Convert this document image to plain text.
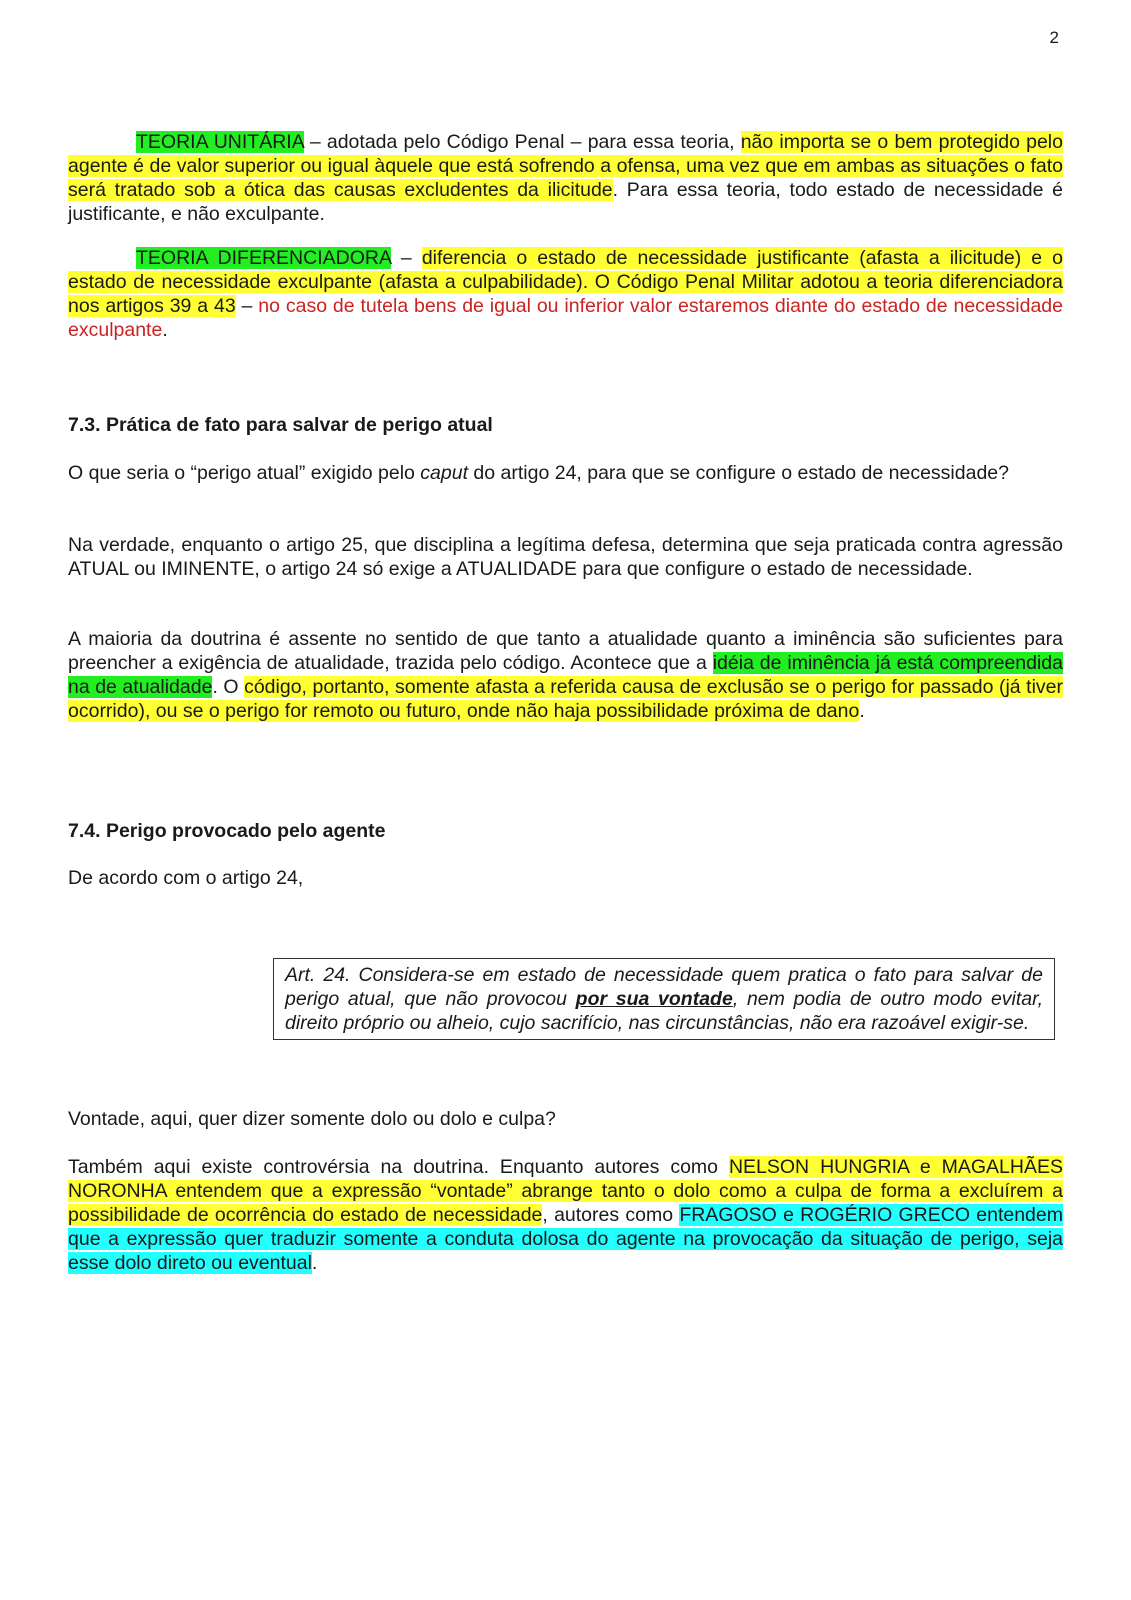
2

TEORIA UNITÁRIA – adotada pelo Código Penal – para essa teoria, não importa se o bem protegido pelo agente é de valor superior ou igual àquele que está sofrendo a ofensa, uma vez que em ambas as situações o fato será tratado sob a ótica das causas excludentes da ilicitude. Para essa teoria, todo estado de necessidade é justificante, e não exculpante.

TEORIA DIFERENCIADORA – diferencia o estado de necessidade justificante (afasta a ilicitude) e o estado de necessidade exculpante (afasta a culpabilidade). O Código Penal Militar adotou a teoria diferenciadora nos artigos 39 a 43 – no caso de tutela bens de igual ou inferior valor estaremos diante do estado de necessidade exculpante.

7.3. Prática de fato para salvar de perigo atual

O que seria o “perigo atual” exigido pelo caput do artigo 24, para que se configure o estado de necessidade?

Na verdade, enquanto o artigo 25, que disciplina a legítima defesa, determina que seja praticada contra agressão ATUAL ou IMINENTE, o artigo 24 só exige a ATUALIDADE para que configure o estado de necessidade.

A maioria da doutrina é assente no sentido de que tanto a atualidade quanto a iminência são suficientes para preencher a exigência de atualidade, trazida pelo código. Acontece que a idéia de iminência já está compreendida na de atualidade. O código, portanto, somente afasta a referida causa de exclusão se o perigo for passado (já tiver ocorrido), ou se o perigo for remoto ou futuro, onde não haja possibilidade próxima de dano.

7.4. Perigo provocado pelo agente

De acordo com o artigo 24,

Art. 24. Considera-se em estado de necessidade quem pratica o fato para salvar de perigo atual, que não provocou por sua vontade, nem podia de outro modo evitar, direito próprio ou alheio, cujo sacrifício, nas circunstâncias, não era razoável exigir-se.

Vontade, aqui, quer dizer somente dolo ou dolo e culpa?

Também aqui existe controvérsia na doutrina. Enquanto autores como NELSON HUNGRIA e MAGALHÃES NORONHA entendem que a expressão “vontade” abrange tanto o dolo como a culpa de forma a excluírem a possibilidade de ocorrência do estado de necessidade, autores como FRAGOSO e ROGÉRIO GRECO entendem que a expressão quer traduzir somente a conduta dolosa do agente na provocação da situação de perigo, seja esse dolo direto ou eventual.
